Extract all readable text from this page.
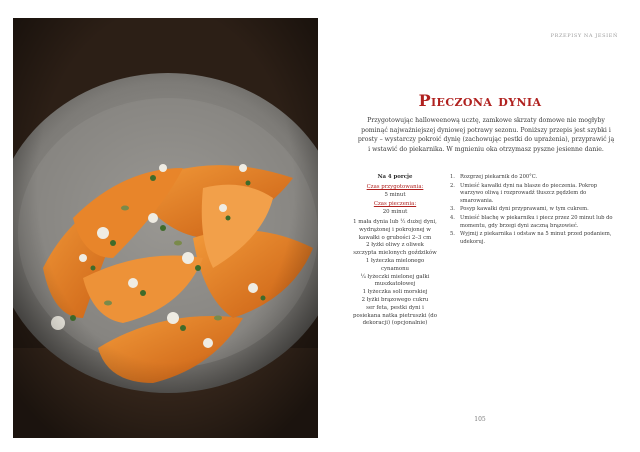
PRZEPISY NA JESIEŃ
Pieczona dynia

Przygotowując halloweenową ucztę, zamkowe skrzaty domowe nie mogłyby pominąć najważniejszej dyniowej potrawy sezonu. Poniższy przepis jest szybki i prosty – wystarczy pokroić dynię (zachowując pestki do uprażenia), przyprawić ją i wstawić do piekarnika. W mgnieniu oka otrzymasz pyszne jesienne danie.

Na 4 porcje
Czas przygotowania:
5 minut
Czas pieczenia:
20 minut
1 mała dynia lub ½ dużej dyni, wydrążonej i pokrojonej w kawałki o grubości 2–3 cm
2 łyżki oliwy z oliwek
szczypta mielonych goździków
1 łyżeczka mielonego cynamonu
¼ łyżeczki mielonej gałki muszkatołowej
1 łyżeczka soli morskiej
2 łyżki brązowego cukru
ser feta, pestki dyni i posiekana natka pietruszki (do dekoracji) (opcjonalnie)
1. Rozgrzej piekarnik do 200°C.
2. Umieść kawałki dyni na blasze do pieczenia. Pokrop warzywo oliwą i rozprowadź tłuszcz pędzlem do smarowania.
3. Posyp kawałki dyni przyprawami, w tym cukrem.
4. Umieść blachę w piekarniku i piecz przez 20 minut lub do momentu, gdy brzegi dyni zaczną brązowieć.
5. Wyjmij z piekarnika i odstaw na 5 minut przed podaniem, udekoruj.
105
